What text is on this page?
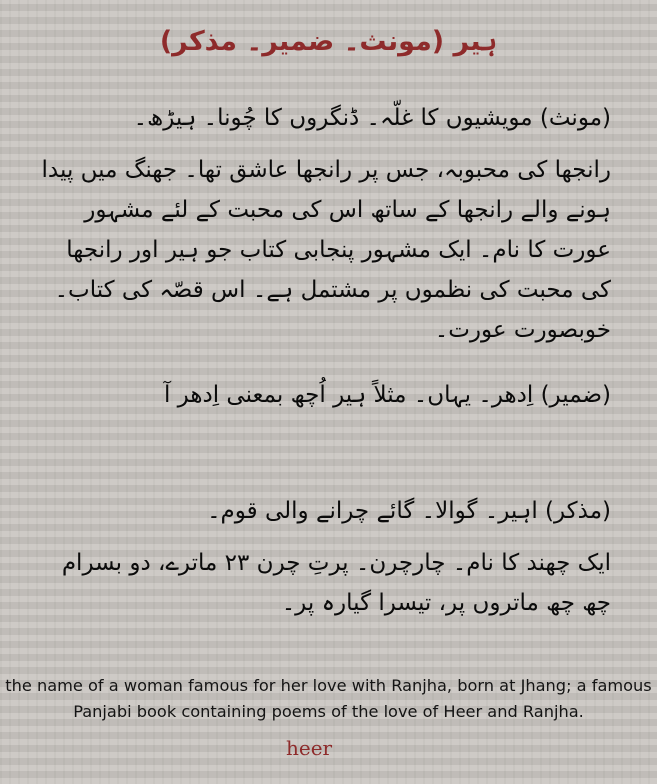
ہیر (مونث۔ ضمیر۔ مذکر)

(مونث) مویشیوں کا غلّہ۔ ڈنگروں کا چُونا۔ ہیڑھ۔

رانجھا کی محبوبہ، جس پر رانجھا عاشق تھا۔ جھنگ میں پیدا ہونے والے رانجھا کے ساتھ اس کی محبت کے لئے مشہور عورت کا نام۔ ایک مشہور پنجابی کتاب جو ہیر اور رانجھا کی محبت کی نظموں پر مشتمل ہے۔ اس قصّہ کی کتاب۔ خوبصورت عورت۔

(ضمیر) اِدھر۔ یہاں۔ مثلاً ہیر اُچھ بمعنی اِدھر آ

(مذکر) اہیر۔ گوالا۔ گائے چرانے والی قوم۔

ایک چھند کا نام۔ چارچرن۔ پرتِ چرن ۲۳ ماترے، دو بسرام چھ چھ ماتروں پر، تیسرا گیارہ پر۔

the name of a woman famous for her love with Ranjha, born at Jhang; a famous Panjabi book containing poems of the love of Heer and Ranjha.

heer
